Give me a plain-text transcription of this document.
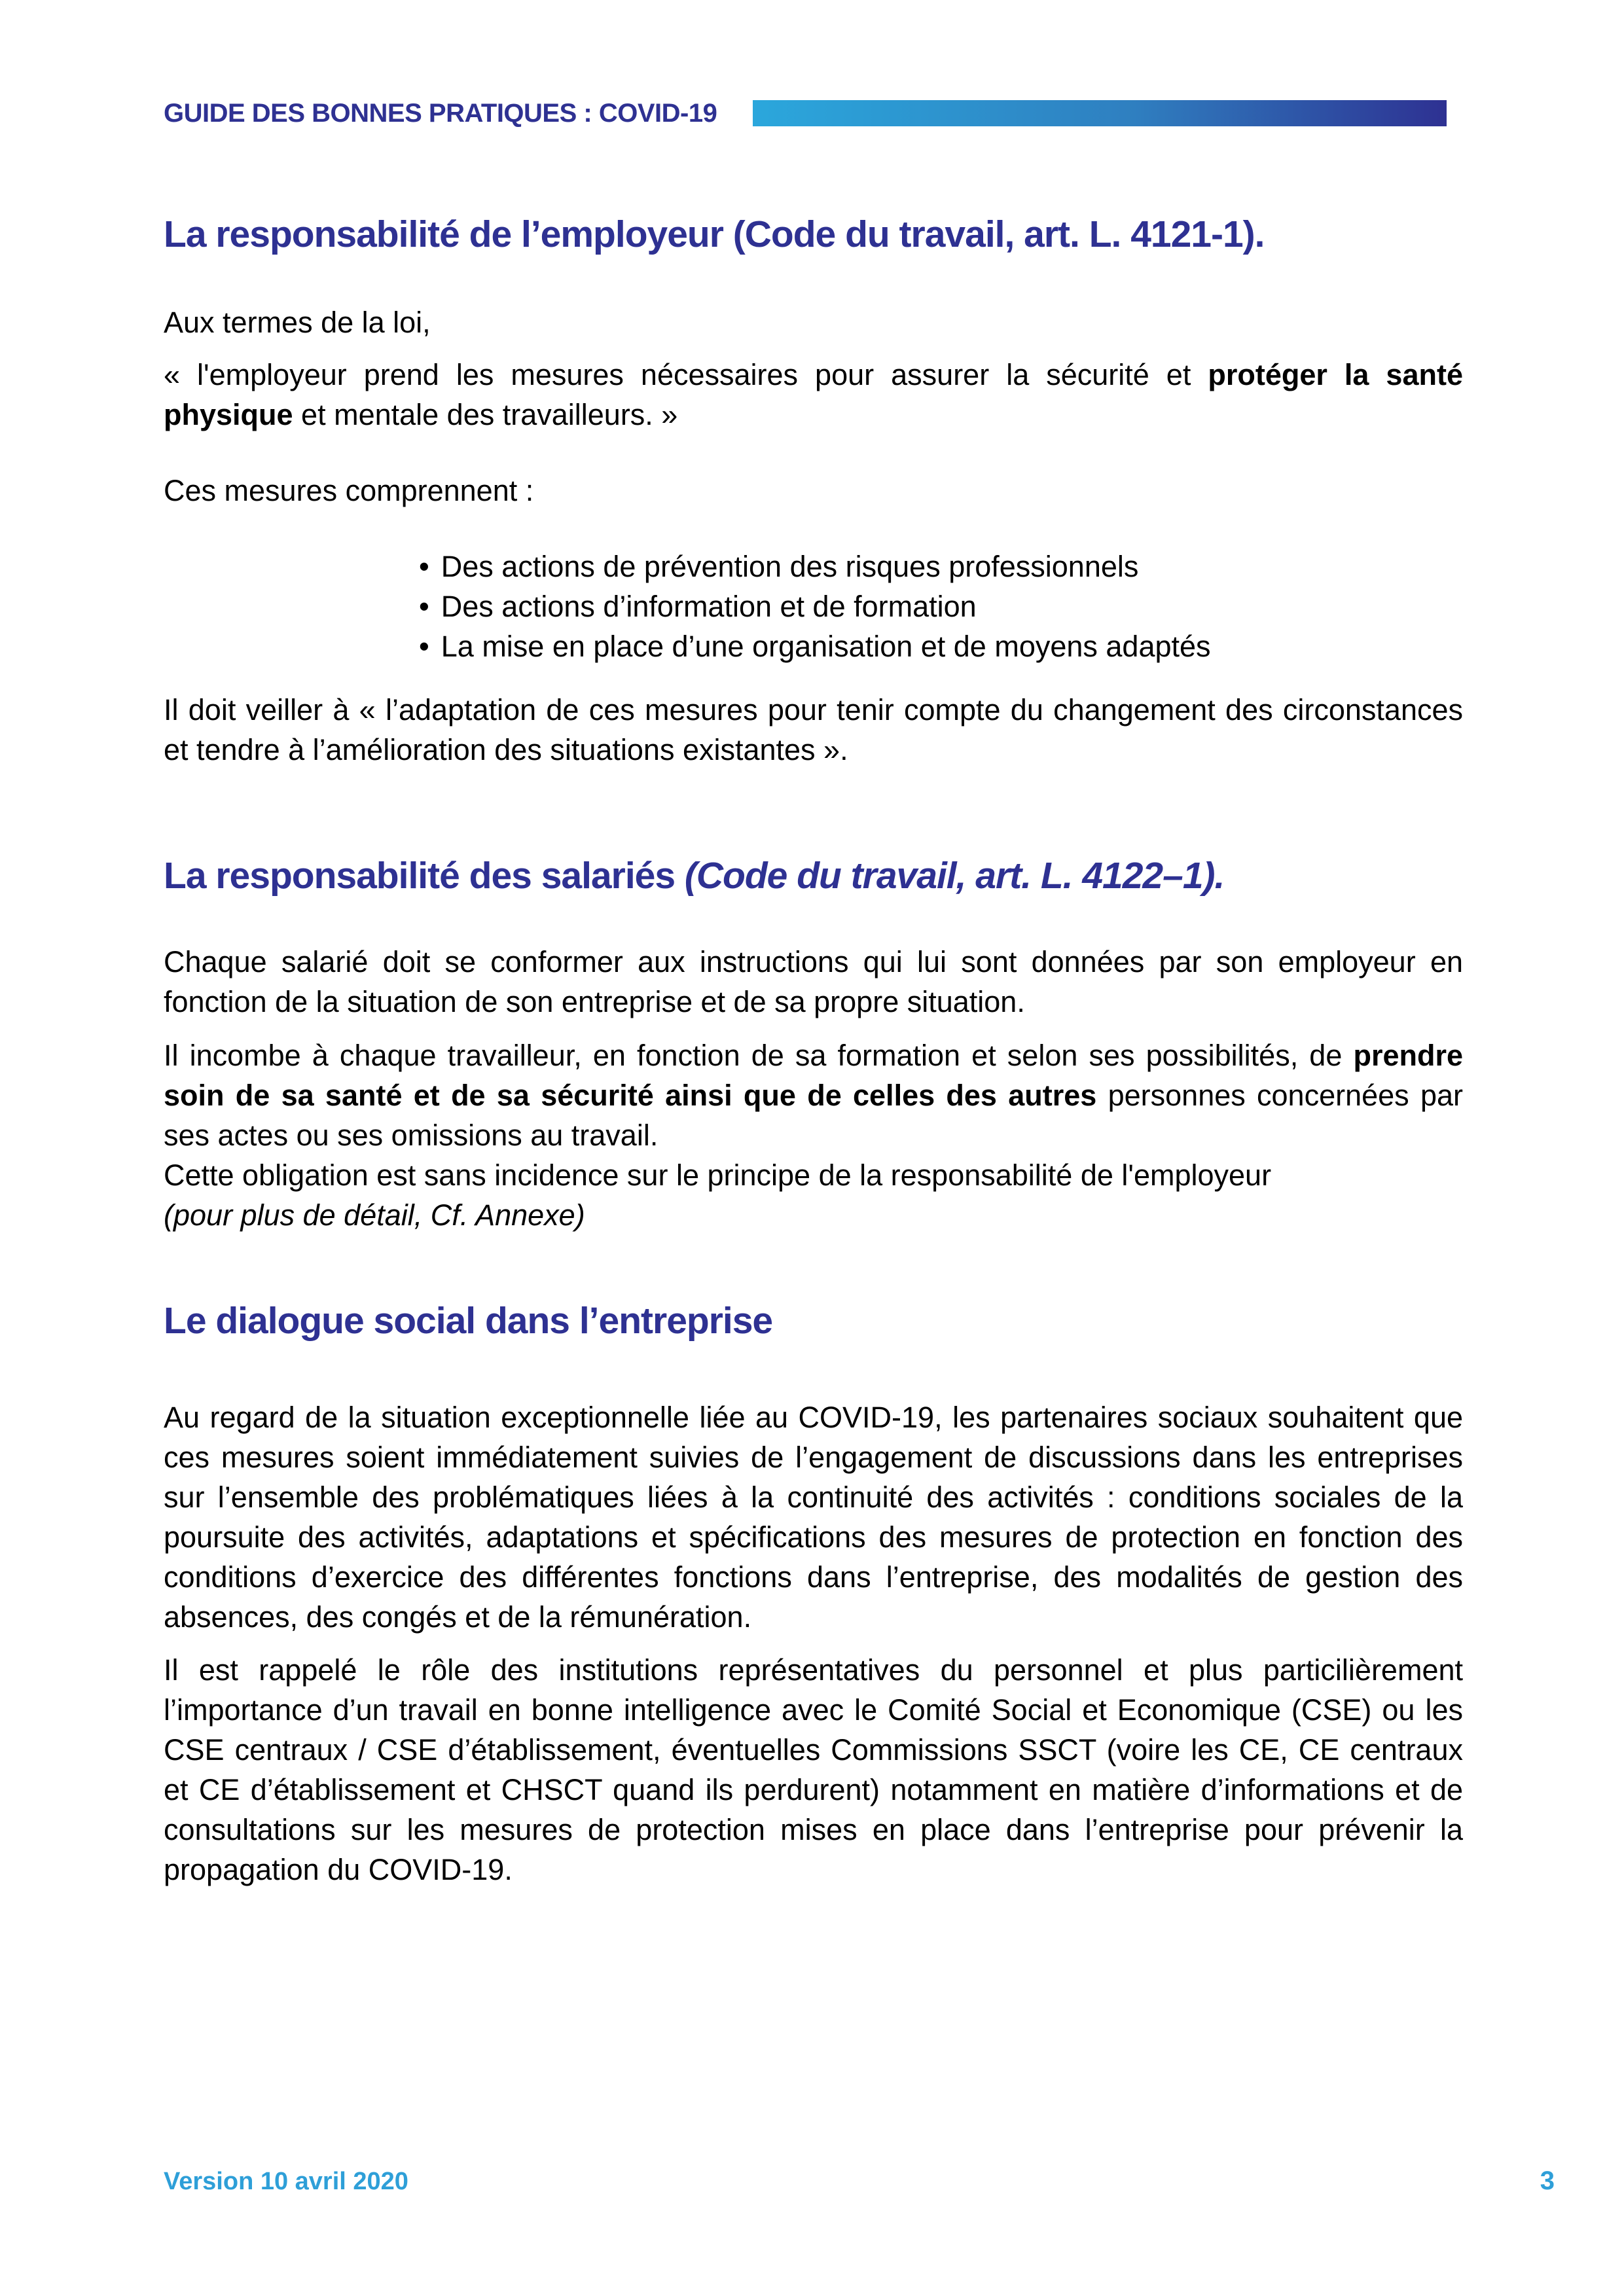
GUIDE DES BONNES PRATIQUES : COVID-19
La responsabilité de l’employeur (Code du travail, art. L. 4121-1).
Aux termes de la loi,
« l'employeur prend les mesures nécessaires pour assurer la sécurité et protéger la santé physique et mentale des travailleurs. »
Ces mesures comprennent :
• Des actions de prévention des risques professionnels
• Des actions d’information et de formation
• La mise en place d’une organisation et de moyens adaptés
Il doit veiller à « l’adaptation de ces mesures pour tenir compte du changement des circonstances et tendre à l’amélioration des situations existantes ».
La responsabilité des salariés (Code du travail, art. L. 4122–1).
Chaque salarié doit se conformer aux instructions qui lui sont données par son employeur en fonction de la situation de son entreprise et de sa propre situation.
Il incombe à chaque travailleur, en fonction de sa formation et selon ses possibilités, de prendre soin de sa santé et de sa sécurité ainsi que de celles des autres personnes concernées par ses actes ou ses omissions au travail.
Cette obligation est sans incidence sur le principe de la responsabilité de l'employeur
(pour plus de détail, Cf. Annexe)
Le dialogue social dans l’entreprise
Au regard de la situation exceptionnelle liée au COVID-19, les partenaires sociaux souhaitent que ces mesures soient immédiatement suivies de l’engagement de discussions dans les entreprises sur l’ensemble des problématiques liées à la continuité des activités : conditions sociales de la poursuite des activités, adaptations et spécifications des mesures de protection en fonction des conditions d’exercice des différentes fonctions dans l’entreprise, des modalités de gestion des absences, des congés et de la rémunération.
Il est rappelé le rôle des institutions représentatives du personnel et plus particilièrement l’importance d’un travail en bonne intelligence avec le Comité Social et Economique (CSE) ou les CSE centraux / CSE d’établissement, éventuelles Commissions SSCT (voire les CE, CE centraux et CE d’établissement et CHSCT quand ils perdurent) notamment en matière d’informations et de consultations sur les mesures de protection mises en place dans l’entreprise pour prévenir la propagation du COVID-19.
Version 10 avril 2020	3
